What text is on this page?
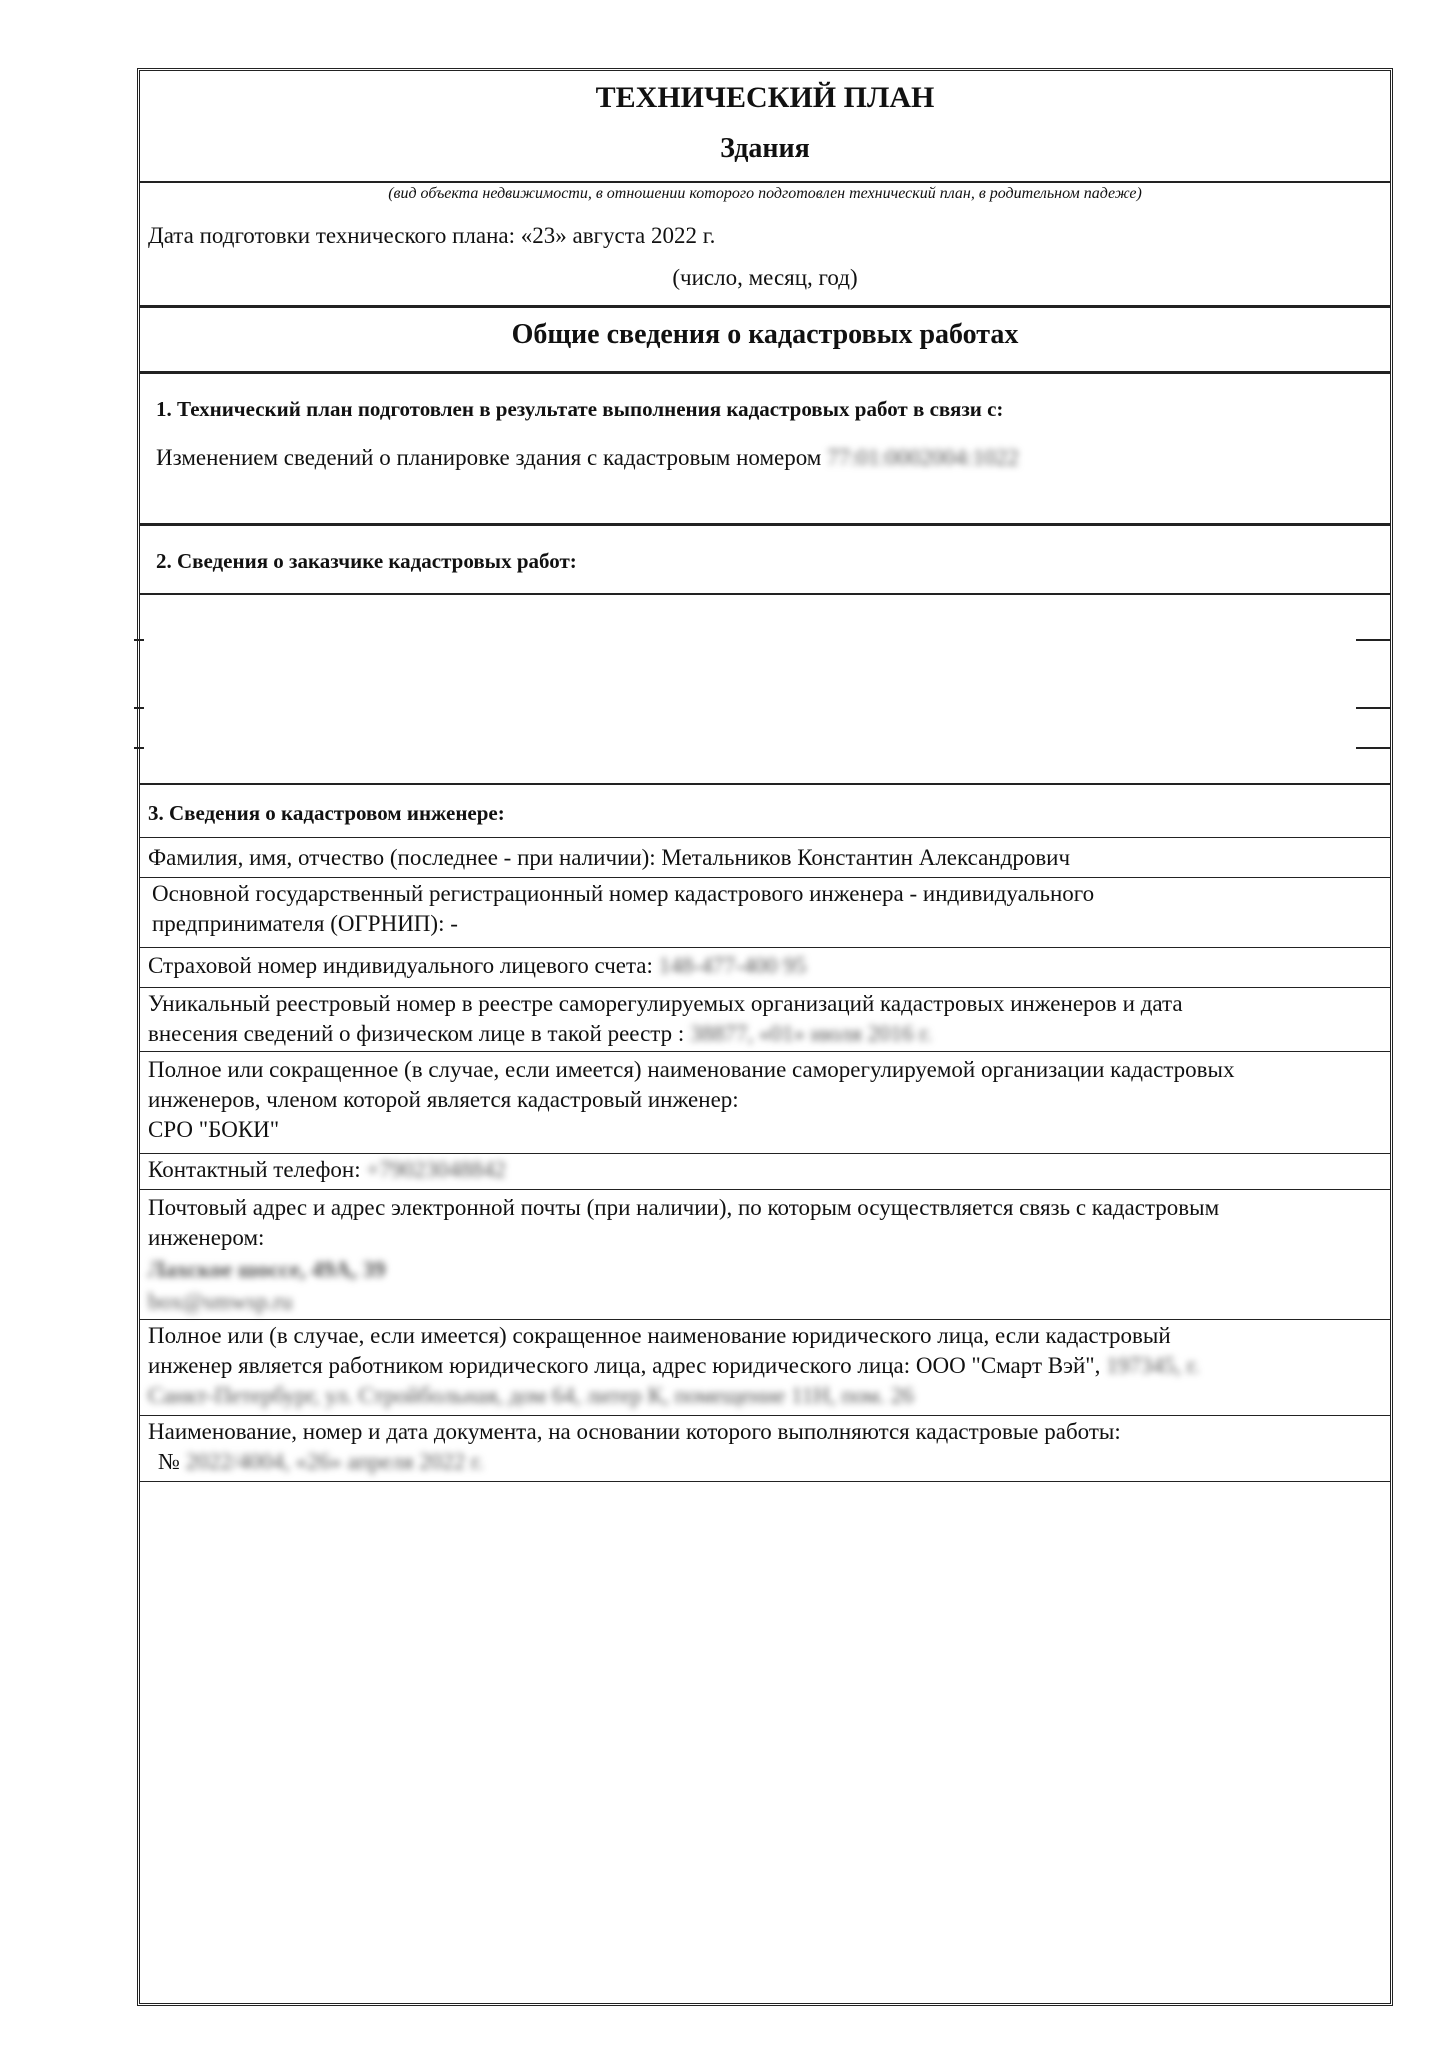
ТЕХНИЧЕСКИЙ ПЛАН
Здания
(вид объекта недвижимости, в отношении которого подготовлен технический план, в родительном падеже)
Дата подготовки технического плана: «23» августа 2022 г.
(число, месяц, год)
Общие сведения о кадастровых работах
1. Технический план подготовлен в результате выполнения кадастровых работ в связи с:
Изменением сведений о планировке здания с кадастровым номером 77:01:0002004:1022
2. Сведения о заказчике кадастровых работ:
3. Сведения о кадастровом инженере:
Фамилия, имя, отчество (последнее - при наличии): Метальников Константин Александрович
Основной государственный регистрационный номер кадастрового инженера - индивидуального
предпринимателя (ОГРНИП): -
Страховой номер индивидуального лицевого счета: 148-477-400 95
Уникальный реестровый номер в реестре саморегулируемых организаций кадастровых инженеров и дата
внесения сведений о физическом лице в такой реестр : 38877, «01» июля 2016 г.
Полное или сокращенное (в случае, если имеется) наименование саморегулируемой организации кадастровых
инженеров, членом которой является кадастровый инженер:
СРО "БОКИ"
Контактный телефон: +79023048842
Почтовый адрес и адрес электронной почты (при наличии), по которым осуществляется связь с кадастровым
инженером:
Лахское шоссе, 49А, 39
box@smwsp.ru
Полное или (в случае, если имеется) сокращенное наименование юридического лица, если кадастровый
инженер является работником юридического лица, адрес юридического лица: ООО "Смарт Вэй", 197345, г.
Санкт-Петербург, ул. Стройбольная, дом 64, литер К, помещение 11Н, пом. 26
Наименование, номер и дата документа, на основании которого выполняются кадастровые работы:
№ 2022/4004, «26» апреля 2022 г.
